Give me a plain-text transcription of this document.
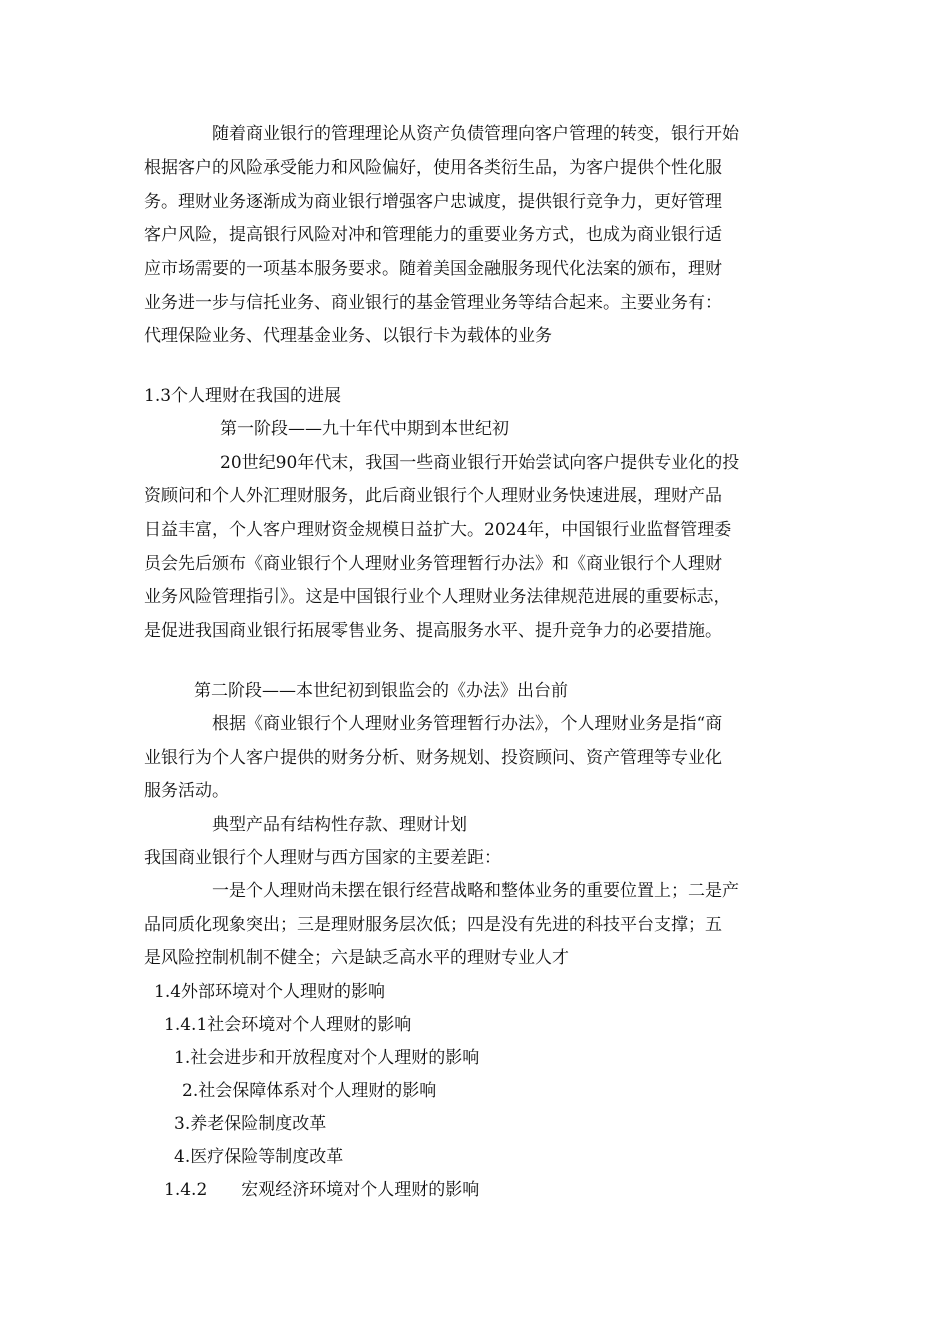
随着商业银行的管理理论从资产负债管理向客户管理的转变，银行开始
根据客户的风险承受能力和风险偏好，使用各类衍生品，为客户提供个性化服
务。理财业务逐渐成为商业银行增强客户忠诚度，提供银行竞争力，更好管理
客户风险，提高银行风险对冲和管理能力的重要业务方式，也成为商业银行适
应市场需要的一项基本服务要求。随着美国金融服务现代化法案的颁布，理财
业务进一步与信托业务、商业银行的基金管理业务等结合起来。主要业务有：
代理保险业务、代理基金业务、以银行卡为载体的业务
1.3个人理财在我国的进展
第一阶段——九十年代中期到本世纪初
20世纪90年代末，我国一些商业银行开始尝试向客户提供专业化的投
资顾问和个人外汇理财服务，此后商业银行个人理财业务快速进展，理财产品
日益丰富，个人客户理财资金规模日益扩大。2024年，中国银行业监督管理委
员会先后颁布《商业银行个人理财业务管理暂行办法》和《商业银行个人理财
业务风险管理指引》。这是中国银行业个人理财业务法律规范进展的重要标志，
是促进我国商业银行拓展零售业务、提高服务水平、提升竞争力的必要措施。
第二阶段——本世纪初到银监会的《办法》出台前
根据《商业银行个人理财业务管理暂行办法》，个人理财业务是指“商
业银行为个人客户提供的财务分析、财务规划、投资顾问、资产管理等专业化
服务活动。
典型产品有结构性存款、理财计划
我国商业银行个人理财与西方国家的主要差距：
一是个人理财尚未摆在银行经营战略和整体业务的重要位置上；二是产
品同质化现象突出；三是理财服务层次低；四是没有先进的科技平台支撑；五
是风险控制机制不健全；六是缺乏高水平的理财专业人才
1.4外部环境对个人理财的影响
1.4.1社会环境对个人理财的影响
1.社会进步和开放程度对个人理财的影响
2.社会保障体系对个人理财的影响
3.养老保险制度改革
4.医疗保险等制度改革
1.4.2　　宏观经济环境对个人理财的影响
